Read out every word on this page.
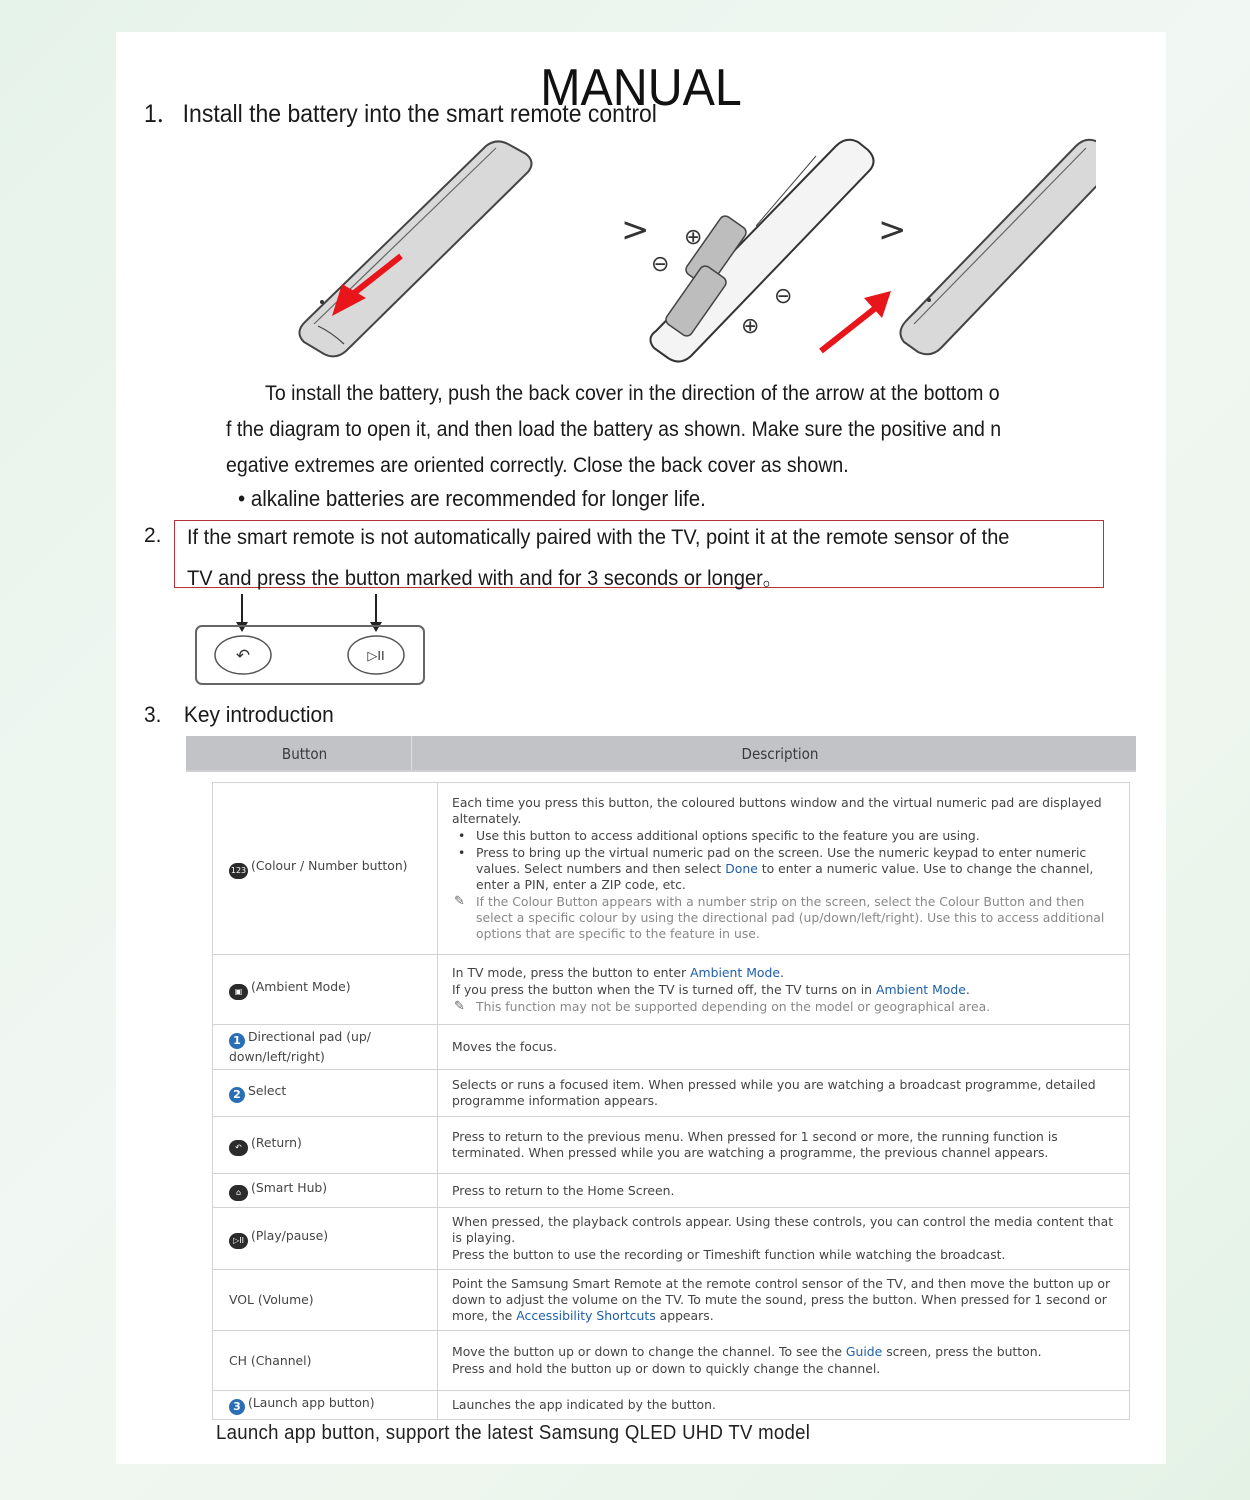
MANUAL
1． Install the battery into the smart remote control
> ⊕
⊖
⊖
⊕
>
　　To install the battery, push the back cover in the direction of the arrow at the bottom o
f the diagram to open it, and then load the battery as shown. Make sure the positive and n
egative extremes are oriented correctly. Close the back cover as shown.
• alkaline batteries are recommended for longer life.
2. If the smart remote is not automatically paired with the TV, point it at the remote sensor of the
TV and press the button marked with and for 3 seconds or longer。
↶	▷II
3. Key introduction
Button	Description
123 (Colour / Number button)	Each time you press this button, the coloured buttons window and the virtual numeric pad are displayed alternately.
• Use this button to access additional options specific to the feature you are using.
• Press to bring up the virtual numeric pad on the screen. Use the numeric keypad to enter numeric values. Select numbers and then select Done to enter a numeric value. Use to change the channel, enter a PIN, enter a ZIP code, etc.
✎ If the Colour Button appears with a number strip on the screen, select the Colour Button and then select a specific colour by using the directional pad (up/down/left/right). Use this to access additional options that are specific to the feature in use.

▣ (Ambient Mode)	In TV mode, press the button to enter Ambient Mode.
If you press the button when the TV is turned off, the TV turns on in Ambient Mode.
✎ This function may not be supported depending on the model or geographical area.

1 Directional pad (up/ down/left/right)	Moves the focus.

2 Select	Selects or runs a focused item. When pressed while you are watching a broadcast programme, detailed programme information appears.

↶ (Return)	Press to return to the previous menu. When pressed for 1 second or more, the running function is terminated. When pressed while you are watching a programme, the previous channel appears.

⌂ (Smart Hub)	Press to return to the Home Screen.

▷II (Play/pause)	When pressed, the playback controls appear. Using these controls, you can control the media content that is playing.
Press the button to use the recording or Timeshift function while watching the broadcast.

VOL (Volume)	Point the Samsung Smart Remote at the remote control sensor of the TV, and then move the button up or down to adjust the volume on the TV. To mute the sound, press the button. When pressed for 1 second or more, the Accessibility Shortcuts appears.

CH (Channel)	Move the button up or down to change the channel. To see the Guide screen, press the button.
Press and hold the button up or down to quickly change the channel.

3 (Launch app button)	Launches the app indicated by the button.
Launch app button, support the latest Samsung QLED UHD TV model
